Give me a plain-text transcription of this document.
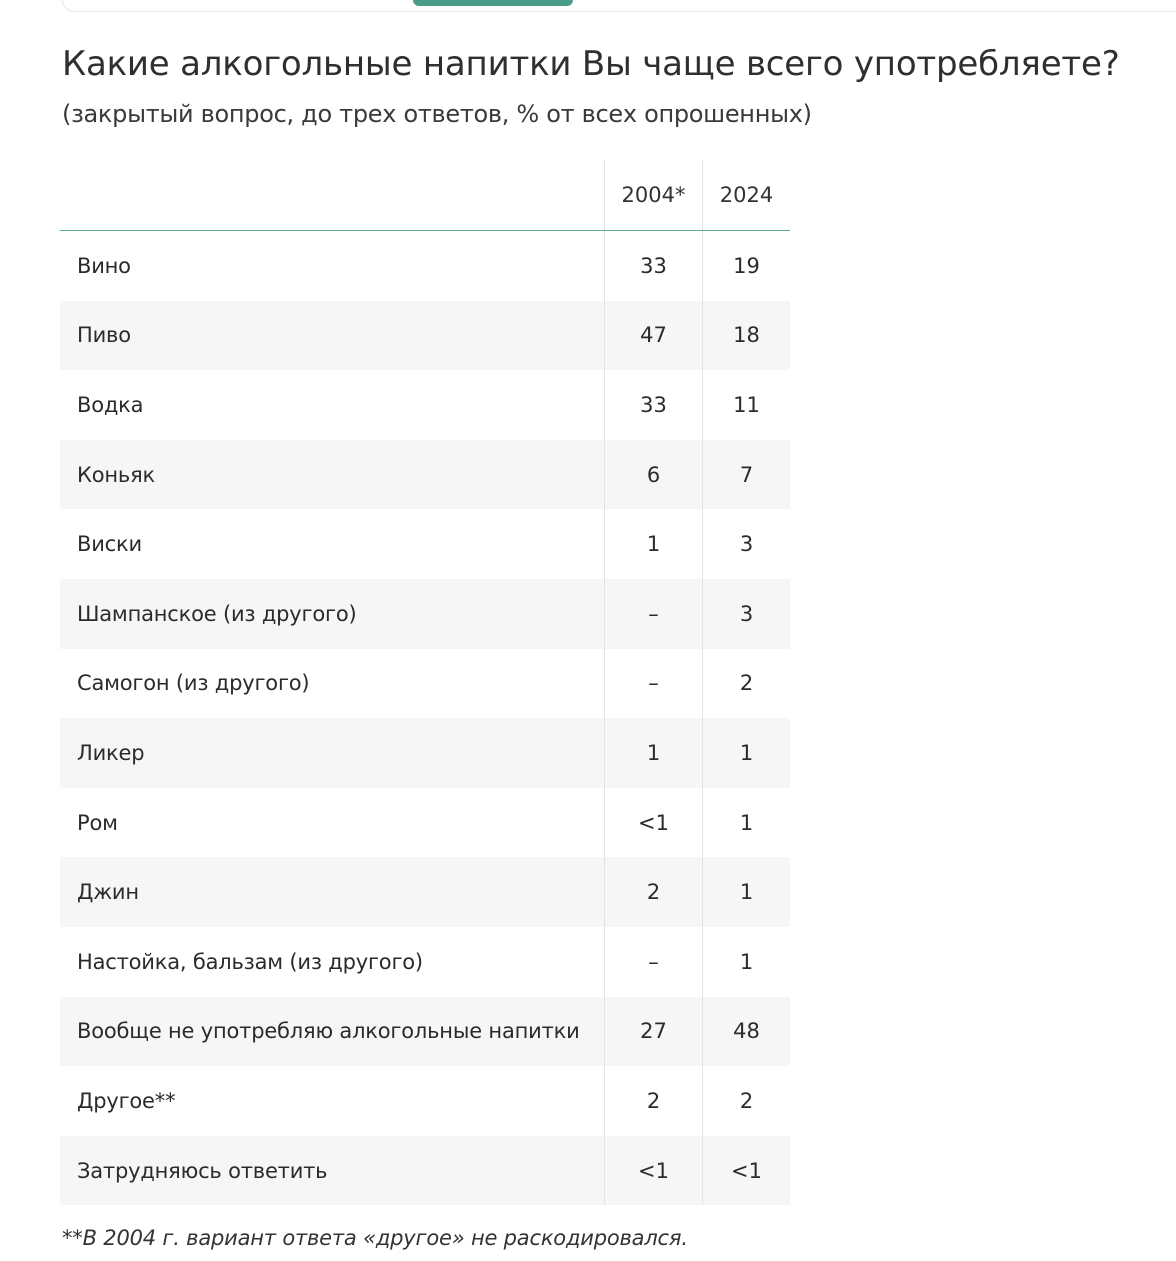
Какие алкогольные напитки Вы чаще всего употребляете?
(закрытый вопрос, до трех ответов, % от всех опрошенных)
2004*	2024
Вино	33	19
Пиво	47	18
Водка	33	11
Коньяк	6	7
Виски	1	3
Шампанское (из другого)	–	3
Самогон (из другого)	–	2
Ликер	1	1
Ром	<1	1
Джин	2	1
Настойка, бальзам (из другого)	–	1
Вообще не употребляю алкогольные напитки	27	48
Другое**	2	2
Затрудняюсь ответить	<1	<1
**В 2004 г. вариант ответа «другое» не раскодировался.
